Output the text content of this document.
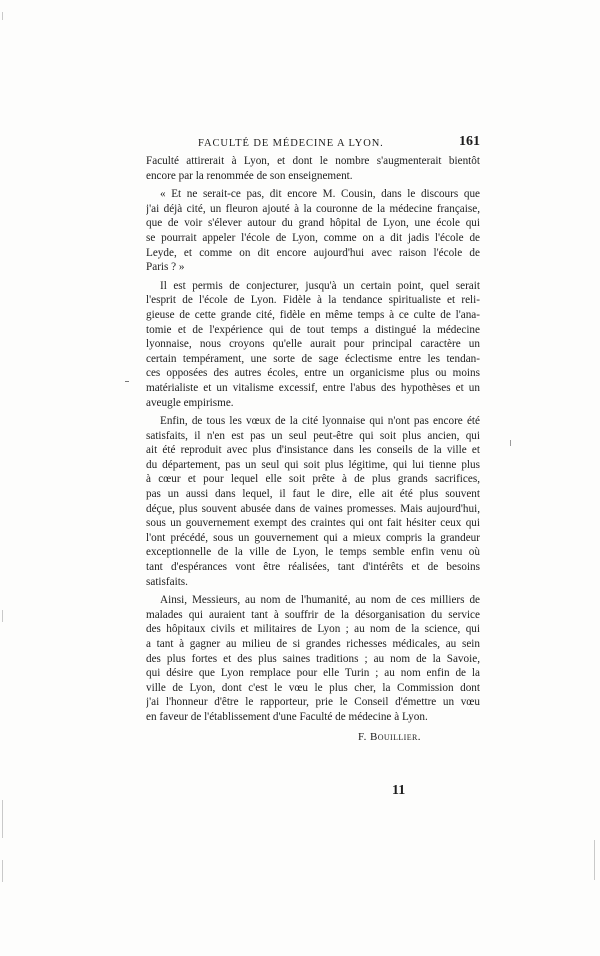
FACULTÉ DE MÉDECINE A LYON.	161
Faculté attirerait à Lyon, et dont le nombre s'augmenterait bientôt
encore par la renommée de son enseignement.
« Et ne serait-ce pas, dit encore M. Cousin, dans le discours que
j'ai déjà cité, un fleuron ajouté à la couronne de la médecine française,
que de voir s'élever autour du grand hôpital de Lyon, une école qui
se pourrait appeler l'école de Lyon, comme on a dit jadis l'école de
Leyde, et comme on dit encore aujourd'hui avec raison l'école de
Paris ? »
Il est permis de conjecturer, jusqu'à un certain point, quel serait
l'esprit de l'école de Lyon. Fidèle à la tendance spiritualiste et reli-
gieuse de cette grande cité, fidèle en même temps à ce culte de l'ana-
tomie et de l'expérience qui de tout temps a distingué la médecine
lyonnaise, nous croyons qu'elle aurait pour principal caractère un
certain tempérament, une sorte de sage éclectisme entre les tendan-
ces opposées des autres écoles, entre un organicisme plus ou moins
matérialiste et un vitalisme excessif, entre l'abus des hypothèses et un
aveugle empirisme.
Enfin, de tous les vœux de la cité lyonnaise qui n'ont pas encore été
satisfaits, il n'en est pas un seul peut-être qui soit plus ancien, qui
ait été reproduit avec plus d'insistance dans les conseils de la ville et
du département, pas un seul qui soit plus légitime, qui lui tienne plus
à cœur et pour lequel elle soit prête à de plus grands sacrifices,
pas un aussi dans lequel, il faut le dire, elle ait été plus souvent
déçue, plus souvent abusée dans de vaines promesses. Mais aujourd'hui,
sous un gouvernement exempt des craintes qui ont fait hésiter ceux qui
l'ont précédé, sous un gouvernement qui a mieux compris la grandeur
exceptionnelle de la ville de Lyon, le temps semble enfin venu où
tant d'espérances vont être réalisées, tant d'intérêts et de besoins
satisfaits.
Ainsi, Messieurs, au nom de l'humanité, au nom de ces milliers de
malades qui auraient tant à souffrir de la désorganisation du service
des hôpitaux civils et militaires de Lyon ; au nom de la science, qui
a tant à gagner au milieu de si grandes richesses médicales, au sein
des plus fortes et des plus saines traditions ; au nom de la Savoie,
qui désire que Lyon remplace pour elle Turin ; au nom enfin de la
ville de Lyon, dont c'est le vœu le plus cher, la Commission dont
j'ai l'honneur d'être le rapporteur, prie le Conseil d'émettre un vœu
en faveur de l'établissement d'une Faculté de médecine à Lyon.
F. Bouillier.
11
